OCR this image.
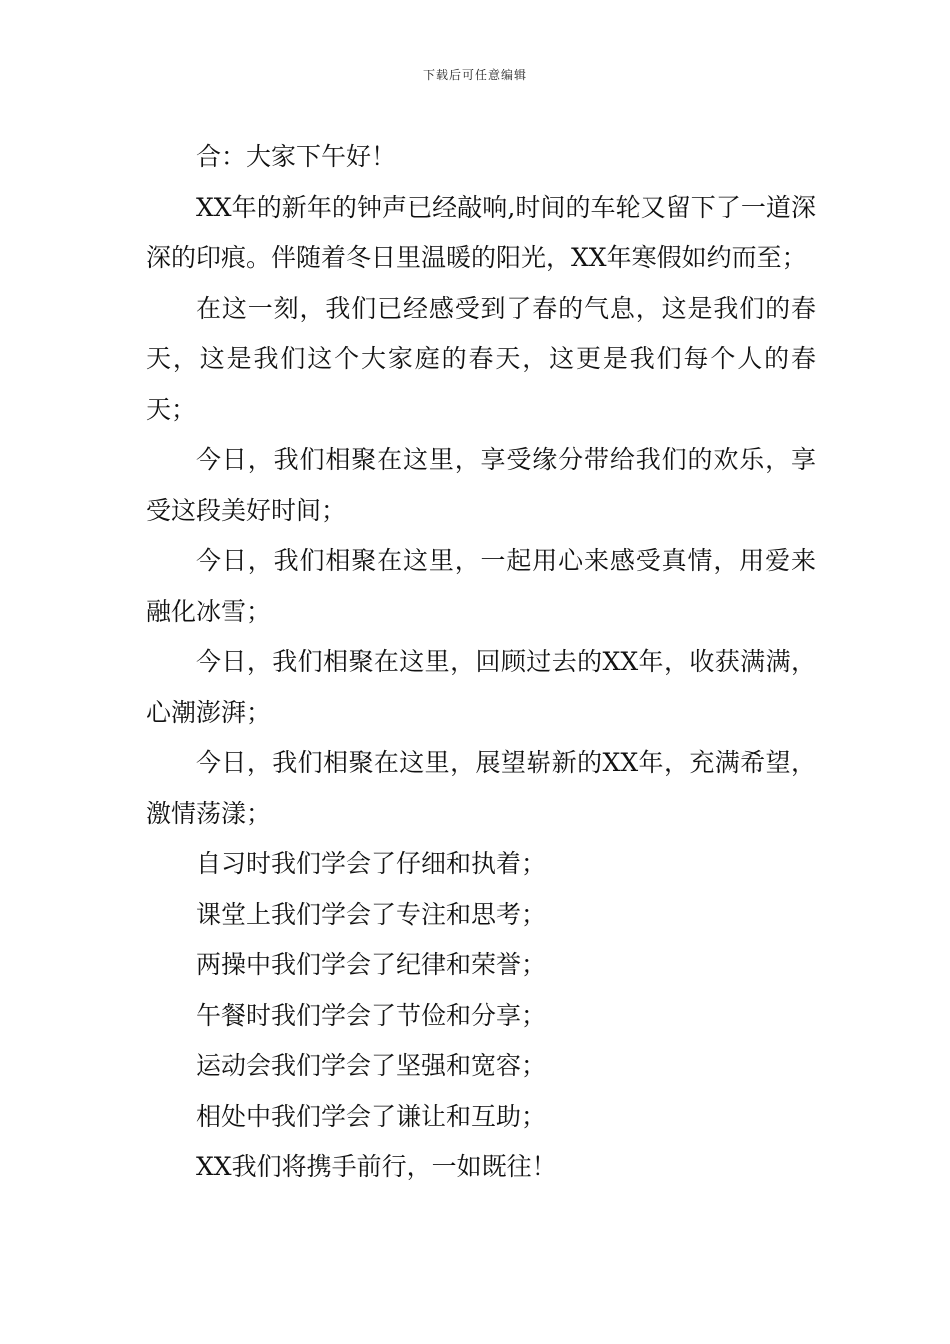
下载后可任意编辑

合：大家下午好！

XX年的新年的钟声已经敲响,时间的车轮又留下了一道深深的印痕。伴随着冬日里温暖的阳光，XX年寒假如约而至；

在这一刻，我们已经感受到了春的气息，这是我们的春天，这是我们这个大家庭的春天，这更是我们每个人的春天；

今日，我们相聚在这里，享受缘分带给我们的欢乐，享受这段美好时间；

今日，我们相聚在这里，一起用心来感受真情，用爱来融化冰雪；

今日，我们相聚在这里，回顾过去的XX年，收获满满，心潮澎湃；

今日，我们相聚在这里，展望崭新的XX年，充满希望，激情荡漾；

自习时我们学会了仔细和执着；

课堂上我们学会了专注和思考；

两操中我们学会了纪律和荣誉；

午餐时我们学会了节俭和分享；

运动会我们学会了坚强和宽容；

相处中我们学会了谦让和互助；

XX我们将携手前行，一如既往！
